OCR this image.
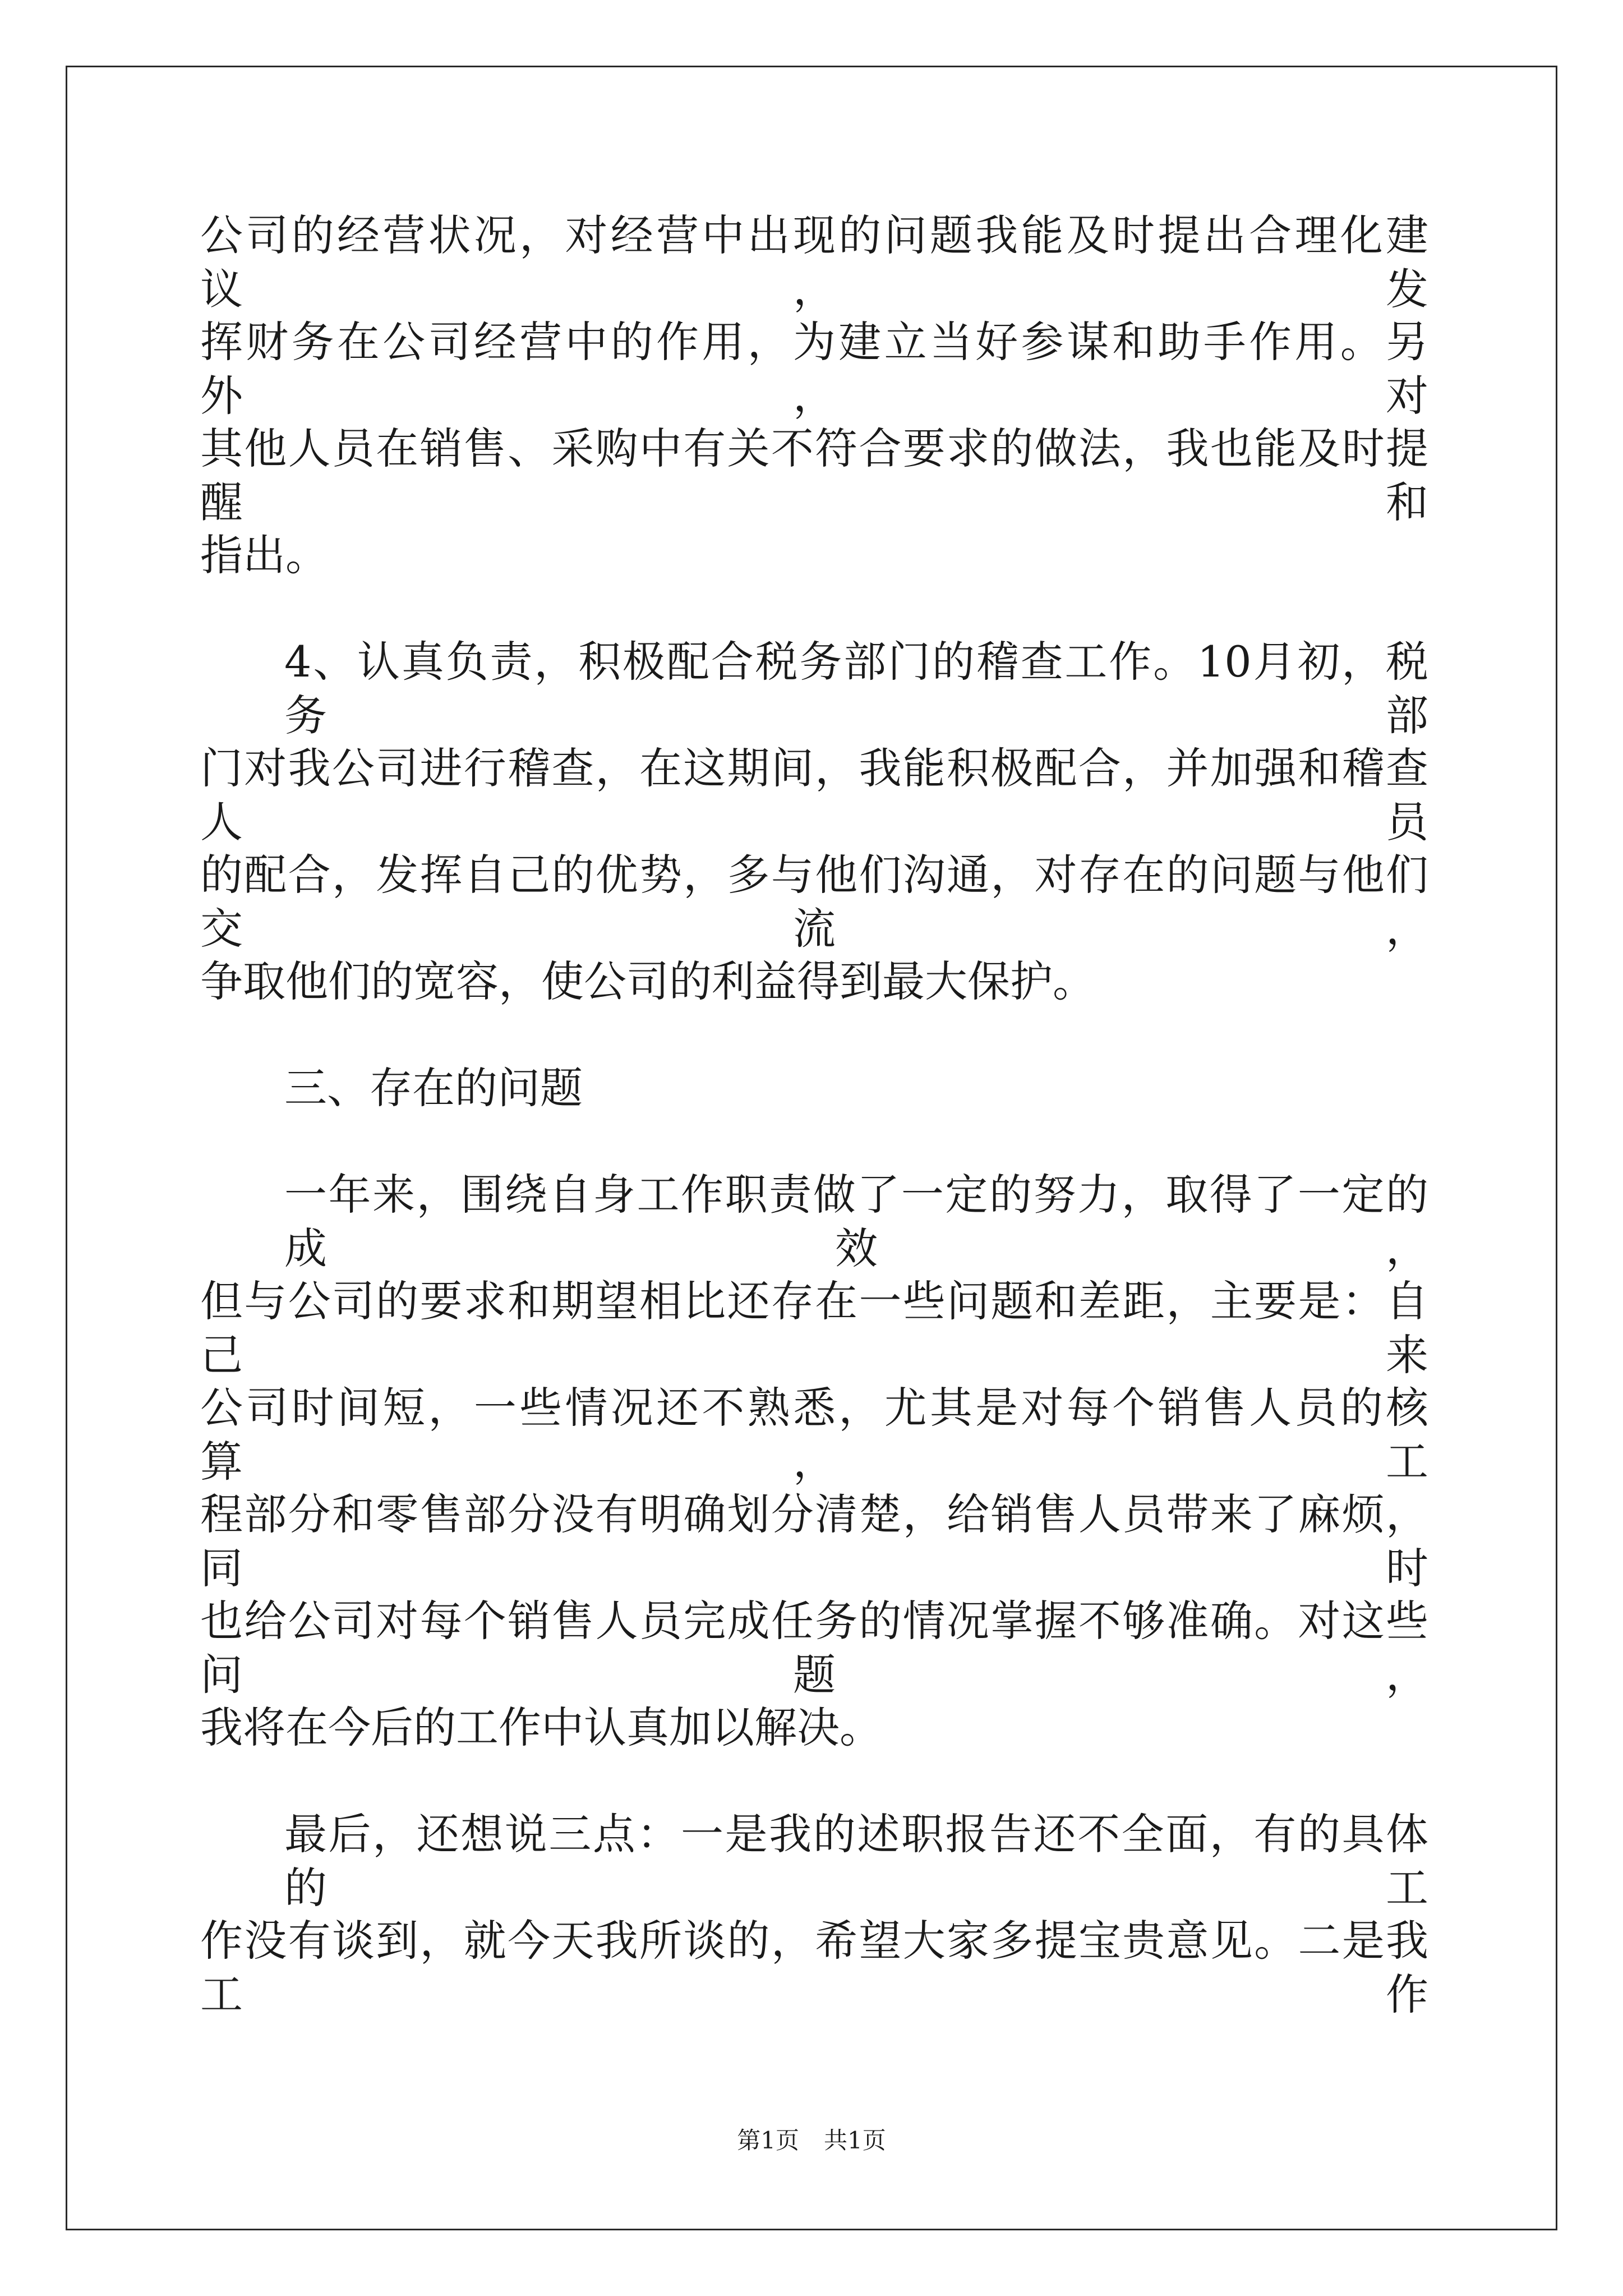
公司的经营状况，对经营中出现的问题我能及时提出合理化建议，发
挥财务在公司经营中的作用，为建立当好参谋和助手作用。另外，对
其他人员在销售、采购中有关不符合要求的做法，我也能及时提醒和
指出。
4、认真负责，积极配合税务部门的稽查工作。10月初，税务部
门对我公司进行稽查，在这期间，我能积极配合，并加强和稽查人员
的配合，发挥自己的优势，多与他们沟通，对存在的问题与他们交流，
争取他们的宽容，使公司的利益得到最大保护。
三、存在的问题
一年来，围绕自身工作职责做了一定的努力，取得了一定的成效，
但与公司的要求和期望相比还存在一些问题和差距，主要是：自己来
公司时间短，一些情况还不熟悉，尤其是对每个销售人员的核算，工
程部分和零售部分没有明确划分清楚，给销售人员带来了麻烦，同时
也给公司对每个销售人员完成任务的情况掌握不够准确。对这些问题，
我将在今后的工作中认真加以解决。
最后，还想说三点：一是我的述职报告还不全面，有的具体的工
作没有谈到，就今天我所谈的，希望大家多提宝贵意见。二是我工作
第1页 共1页
